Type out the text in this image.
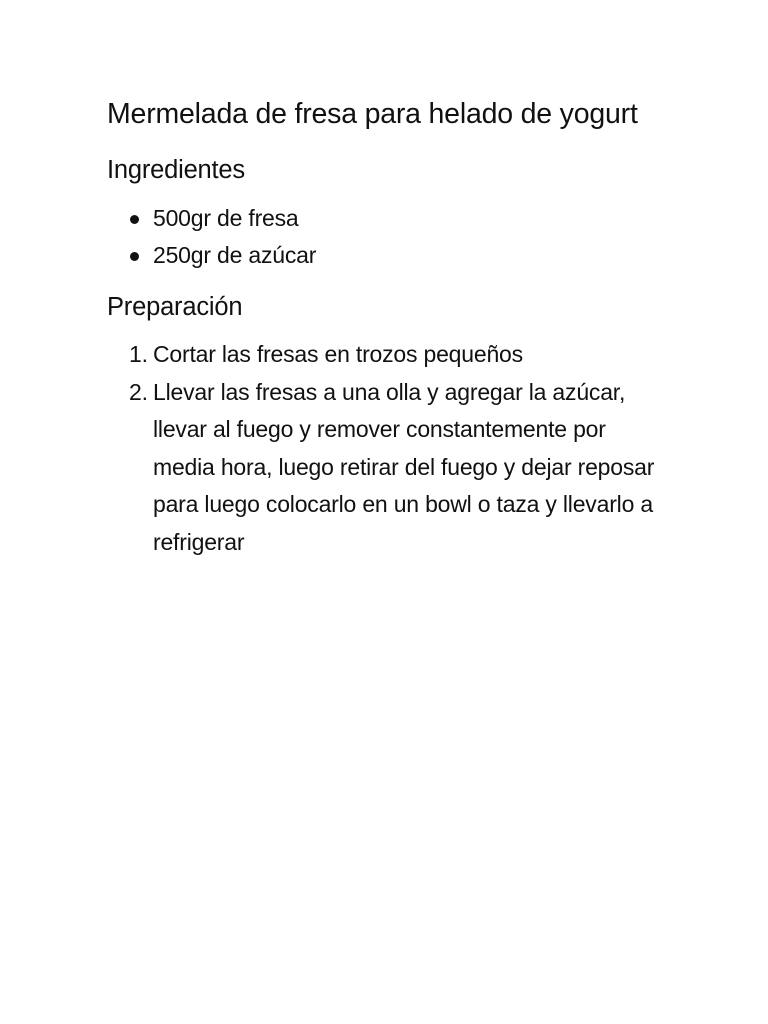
Mermelada de fresa para helado de yogurt
Ingredientes
500gr de fresa
250gr de azúcar
Preparación
1. Cortar las fresas en trozos pequeños
2. Llevar las fresas a una olla y agregar la azúcar, llevar al fuego y remover constantemente por media hora, luego retirar del fuego y dejar reposar para luego colocarlo en un bowl o taza y llevarlo a refrigerar
